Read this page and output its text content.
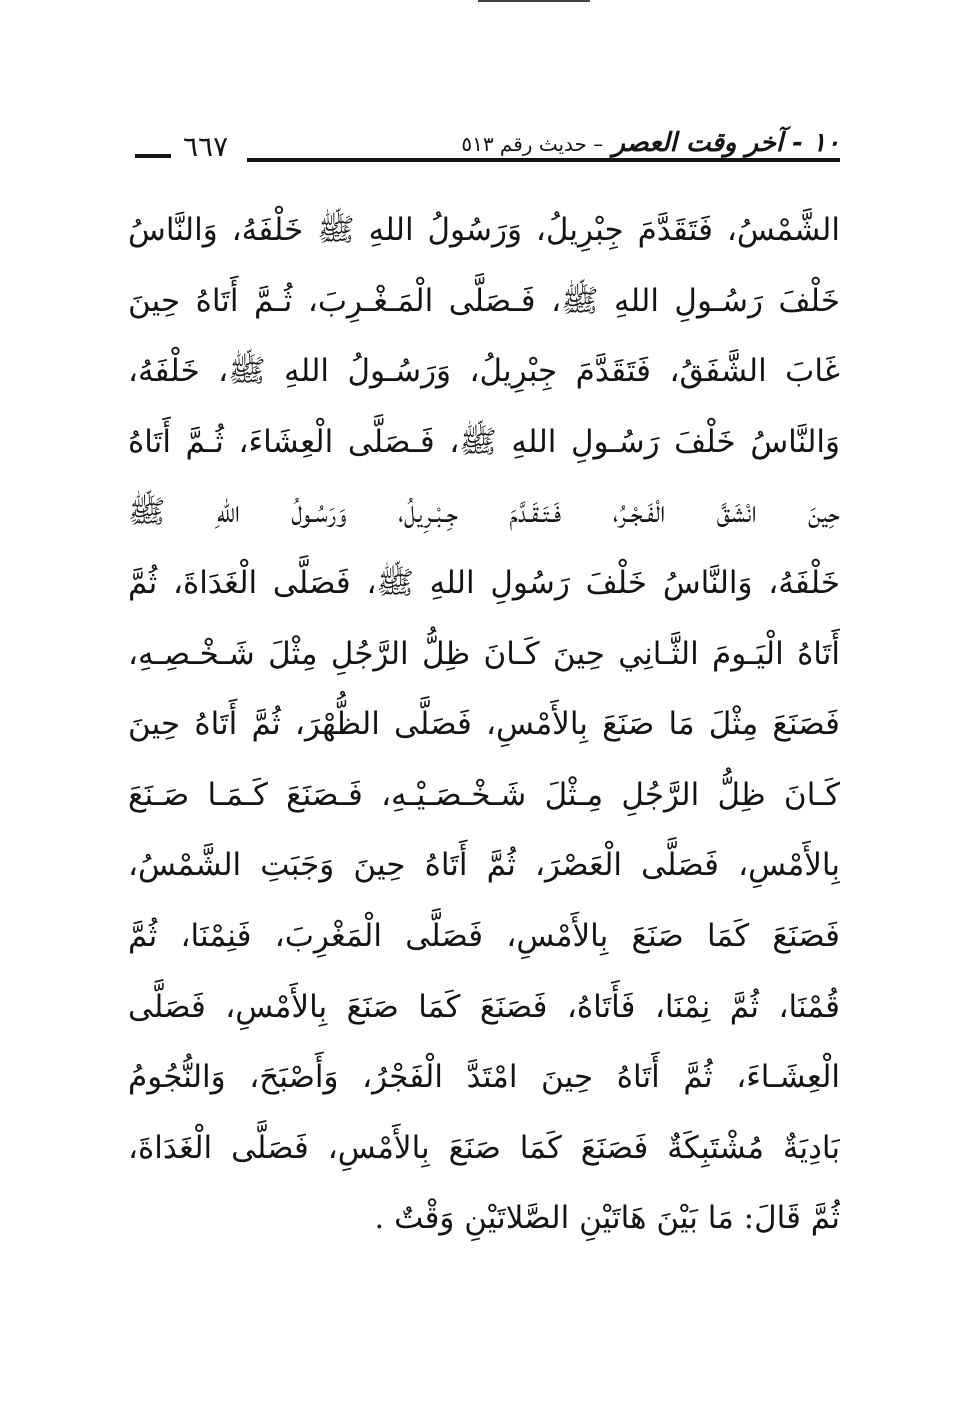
١٠ - آخر وقت العصر – حديث رقم ٥١٣
٦٦٧
الشَّمْسُ، فَتَقَدَّمَ جِبْرِيلُ، وَرَسُولُ اللهِ ﷺ خَلْفَهُ، وَالنَّاسُ
خَلْفَ رَسُـولِ اللهِ ﷺ، فَـصَلَّى الْمَـغْـرِبَ، ثُـمَّ أَتَاهُ حِينَ
غَابَ الشَّفَقُ، فَتَقَدَّمَ جِبْرِيلُ، وَرَسُـولُ اللهِ ﷺ، خَلْفَهُ،
وَالنَّاسُ خَلْفَ رَسُـولِ اللهِ ﷺ، فَـصَلَّى الْعِشَاءَ، ثُـمَّ أَتَاهُ
حِينَ انْشَقَّ الْفَـجْـرُ، فَـتَـقَـدَّمَ جِـبْـرِيلُ، وَرَسُـولُ اللهِ ﷺ
خَلْفَهُ، وَالنَّاسُ خَلْفَ رَسُولِ اللهِ ﷺ، فَصَلَّى الْغَدَاةَ، ثُمَّ
أَتَاهُ الْيَـومَ الثَّـانِي حِينَ كَـانَ ظِلُّ الرَّجُلِ مِثْلَ شَـخْـصِـهِ،
فَصَنَعَ مِثْلَ مَا صَنَعَ بِالأَمْسِ، فَصَلَّى الظُّهْرَ، ثُمَّ أَتَاهُ حِينَ
كَـانَ ظِلُّ الرَّجُلِ مِـثْلَ شَـخْـصَـيْـهِ، فَـصَنَعَ كَـمَـا صَـنَعَ
بِالأَمْسِ، فَصَلَّى الْعَصْرَ، ثُمَّ أَتَاهُ حِينَ وَجَبَتِ الشَّمْسُ،
فَصَنَعَ كَمَا صَنَعَ بِالأَمْسِ، فَصَلَّى الْمَغْرِبَ، فَنِمْنَا، ثُمَّ
قُمْنَا، ثُمَّ نِمْنَا، فَأَتَاهُ، فَصَنَعَ كَمَا صَنَعَ بِالأَمْسِ، فَصَلَّى
الْعِشَـاءَ، ثُمَّ أَتَاهُ حِينَ امْتَدَّ الْفَجْرُ، وَأَصْبَحَ، وَالنُّجُومُ
بَادِيَةٌ مُشْتَبِكَةٌ فَصَنَعَ كَمَا صَنَعَ بِالأَمْسِ، فَصَلَّى الْغَدَاةَ،
ثُمَّ قَالَ: مَا بَيْنَ هَاتَيْنِ الصَّلاتَيْنِ وَقْتٌ .
